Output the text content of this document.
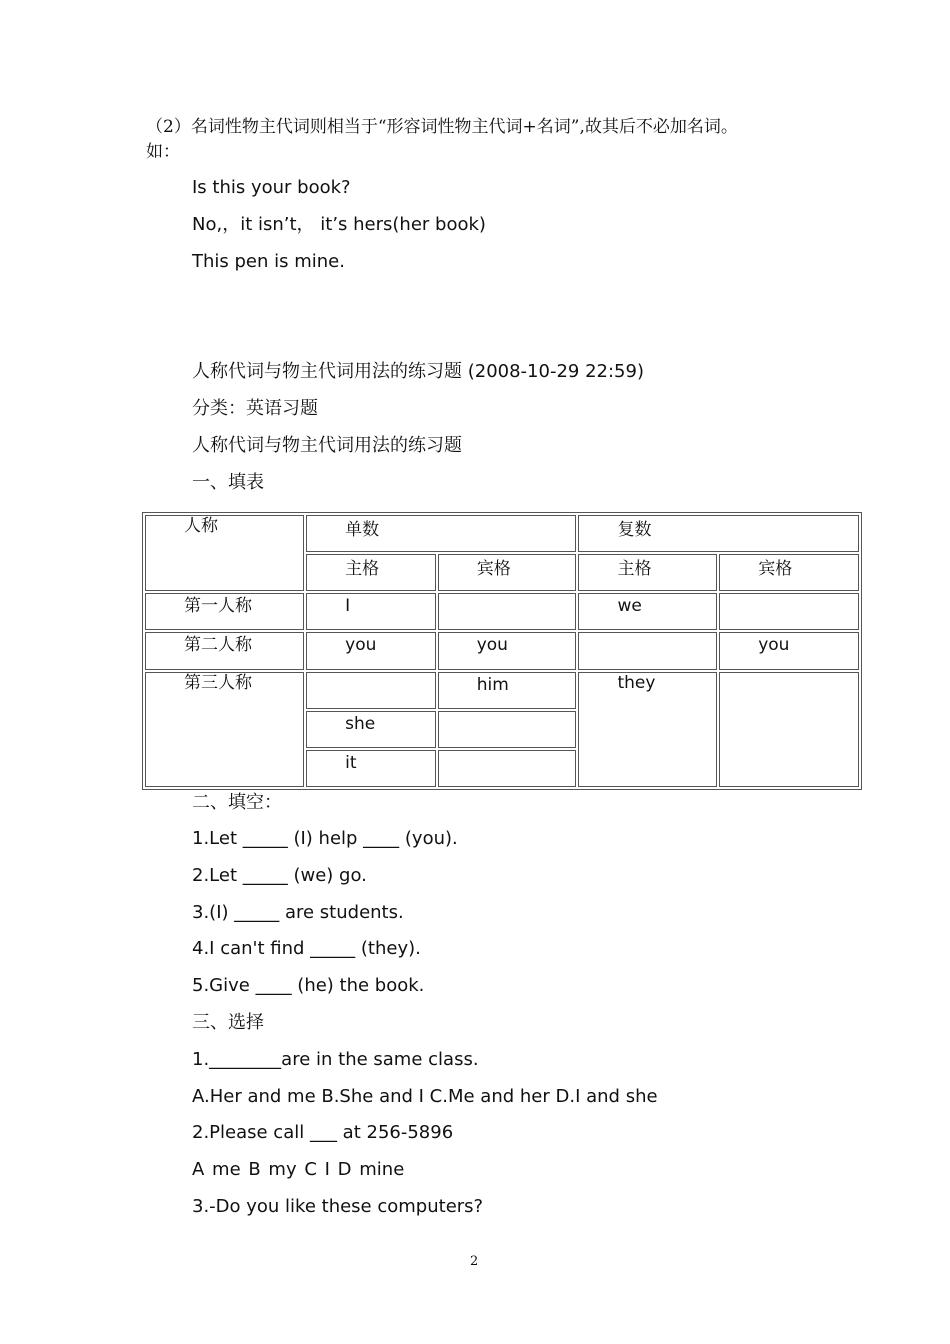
（2）名词性物主代词则相当于“形容词性物主代词+名词”,故其后不必加名词。
如：
Is this your book?
No,，it isn’t， it’s hers(her book)
This pen is mine.
人称代词与物主代词用法的练习题 (2008-10-29 22:59)
分类：英语习题
人称代词与物主代词用法的练习题
一、填表
人称	单数		复数	

	主格	宾格	主格	宾格

第一人称	I		we	

第二人称	you	you		you

第三人称		him	they	

	she			

	it			

二、填空：
1.Let _____ (I) help ____ (you).
2.Let _____ (we) go.
3.(I) _____ are students.
4.I can't find _____ (they).
5.Give ____ (he) the book.
三、选择
1.________are in the same class.
A.Her and me B.She and I C.Me and her D.I and she
2.Please call ___ at 256-5896
A me B my C I D mine
3.-Do you like these computers?
2
